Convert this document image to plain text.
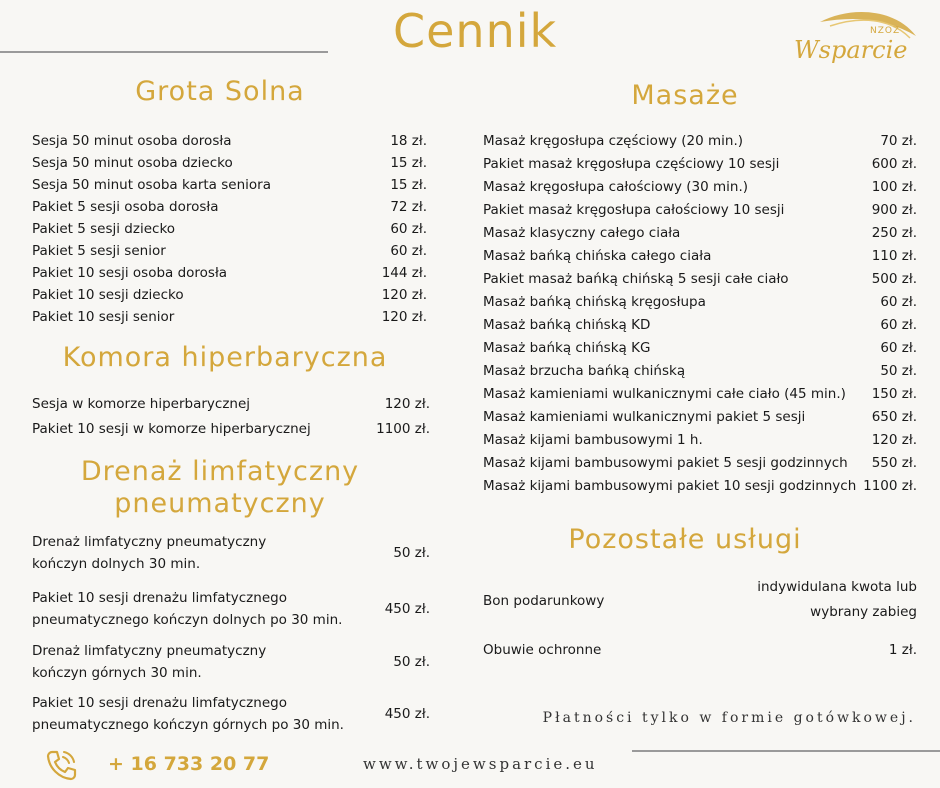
Cennik	NZOZ
Wsparcie
Grota Solna
Sesja 50 minut osoba dorosła	18 zł.
Sesja 50 minut osoba dziecko	15 zł.
Sesja 50 minut osoba karta seniora	15 zł.
Pakiet 5 sesji osoba dorosła	72 zł.
Pakiet 5 sesji dziecko	60 zł.
Pakiet 5 sesji senior	60 zł.
Pakiet 10 sesji osoba dorosła	144 zł.
Pakiet 10 sesji dziecko	120 zł.
Pakiet 10 sesji senior	120 zł.
Komora hiperbaryczna
Sesja w komorze hiperbarycznej	120 zł.
Pakiet 10 sesji w komorze hiperbarycznej	1100 zł.
Drenaż limfatyczny
pneumatyczny
Drenaż limfatyczny pneumatyczny
kończyn dolnych 30 min.
50 zł.
Pakiet 10 sesji drenażu limfatycznego
pneumatycznego kończyn dolnych po 30 min.
450 zł.
Drenaż limfatyczny pneumatyczny
kończyn górnych 30 min.
50 zł.
Pakiet 10 sesji drenażu limfatycznego
pneumatycznego kończyn górnych po 30 min.
450 zł.
Masaże
Masaż kręgosłupa częściowy (20 min.)	70 zł.
Pakiet masaż kręgosłupa częściowy 10 sesji	600 zł.
Masaż kręgosłupa całościowy (30 min.)	100 zł.
Pakiet masaż kręgosłupa całościowy 10 sesji	900 zł.
Masaż klasyczny całego ciała	250 zł.
Masaż bańką chińska całego ciała	110 zł.
Pakiet masaż bańką chińską 5 sesji całe ciało	500 zł.
Masaż bańką chińską kręgosłupa	60 zł.
Masaż bańką chińską KD	60 zł.
Masaż bańką chińską KG	60 zł.
Masaż brzucha bańką chińską	50 zł.
Masaż kamieniami wulkanicznymi całe ciało (45 min.) 150 zł.
Masaż kamieniami wulkanicznymi pakiet 5 sesji	650 zł.
Masaż kijami bambusowymi 1 h.	120 zł.
Masaż kijami bambusowymi pakiet 5 sesji godzinnych 550 zł.
Masaż kijami bambusowymi pakiet 10 sesji godzinnych 1100 zł.
Pozostałe usługi
Bon podarunkowy
indywidulana kwota lub
wybrany zabieg
Obuwie ochronne	1 zł.
Płatności tylko w formie gotówkowej.
+ 16 733 20 77	www.twojewsparcie.eu
